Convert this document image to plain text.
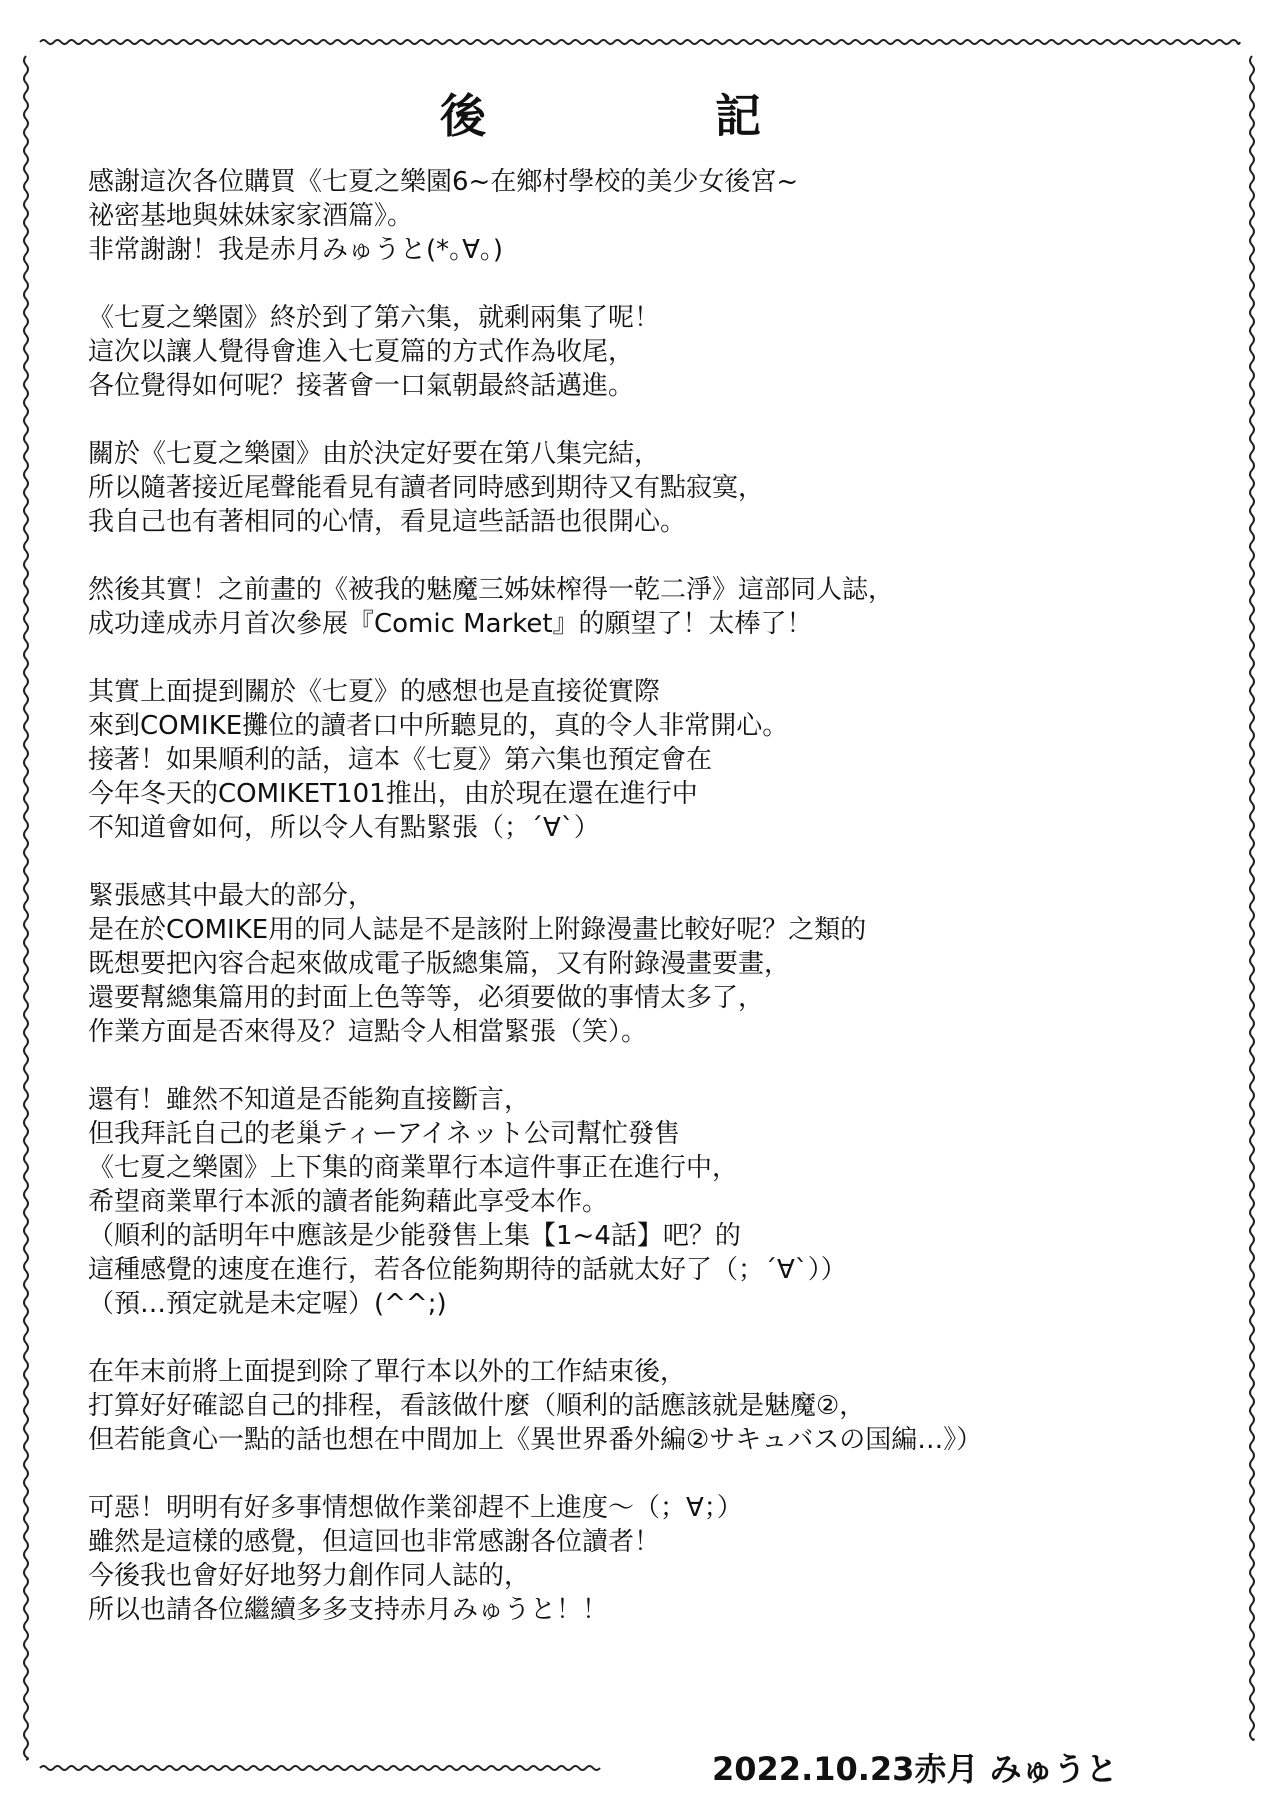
後	記
感謝這次各位購買《七夏之樂園6~在鄉村學校的美少女後宮~
祕密基地與妹妹家家酒篇》。
非常謝謝！我是赤月みゅうと(*｡∀｡)
《七夏之樂園》終於到了第六集，就剩兩集了呢！
這次以讓人覺得會進入七夏篇的方式作為收尾，
各位覺得如何呢？接著會一口氣朝最終話邁進。
關於《七夏之樂園》由於決定好要在第八集完結，
所以隨著接近尾聲能看見有讀者同時感到期待又有點寂寞，
我自己也有著相同的心情，看見這些話語也很開心。
然後其實！之前畫的《被我的魅魔三姊妹榨得一乾二淨》這部同人誌，
成功達成赤月首次參展『Comic Market』的願望了！太棒了！
其實上面提到關於《七夏》的感想也是直接從實際
來到COMIKE攤位的讀者口中所聽見的，真的令人非常開心。
接著！如果順利的話，這本《七夏》第六集也預定會在
今年冬天的COMIKET101推出，由於現在還在進行中
不知道會如何，所以令人有點緊張（；´∀`）
緊張感其中最大的部分，
是在於COMIKE用的同人誌是不是該附上附錄漫畫比較好呢？之類的
既想要把內容合起來做成電子版總集篇，又有附錄漫畫要畫，
還要幫總集篇用的封面上色等等，必須要做的事情太多了，
作業方面是否來得及？這點令人相當緊張（笑）。
還有！雖然不知道是否能夠直接斷言，
但我拜託自己的老巢ティーアイネット公司幫忙發售
《七夏之樂園》上下集的商業單行本這件事正在進行中，
希望商業單行本派的讀者能夠藉此享受本作。
（順利的話明年中應該是少能發售上集【1~4話】吧？的
這種感覺的速度在進行，若各位能夠期待的話就太好了（；´∀`））
（預…預定就是未定喔）(^^;)
在年末前將上面提到除了單行本以外的工作結束後，
打算好好確認自己的排程，看該做什麼（順利的話應該就是魅魔②，
但若能貪心一點的話也想在中間加上《異世界番外編②サキュバスの国編…》）
可惡！明明有好多事情想做作業卻趕不上進度～（；∀；）
雖然是這樣的感覺，但這回也非常感謝各位讀者！
今後我也會好好地努力創作同人誌的，
所以也請各位繼續多多支持赤月みゅうと！！
2022.10.23赤月 みゅうと
